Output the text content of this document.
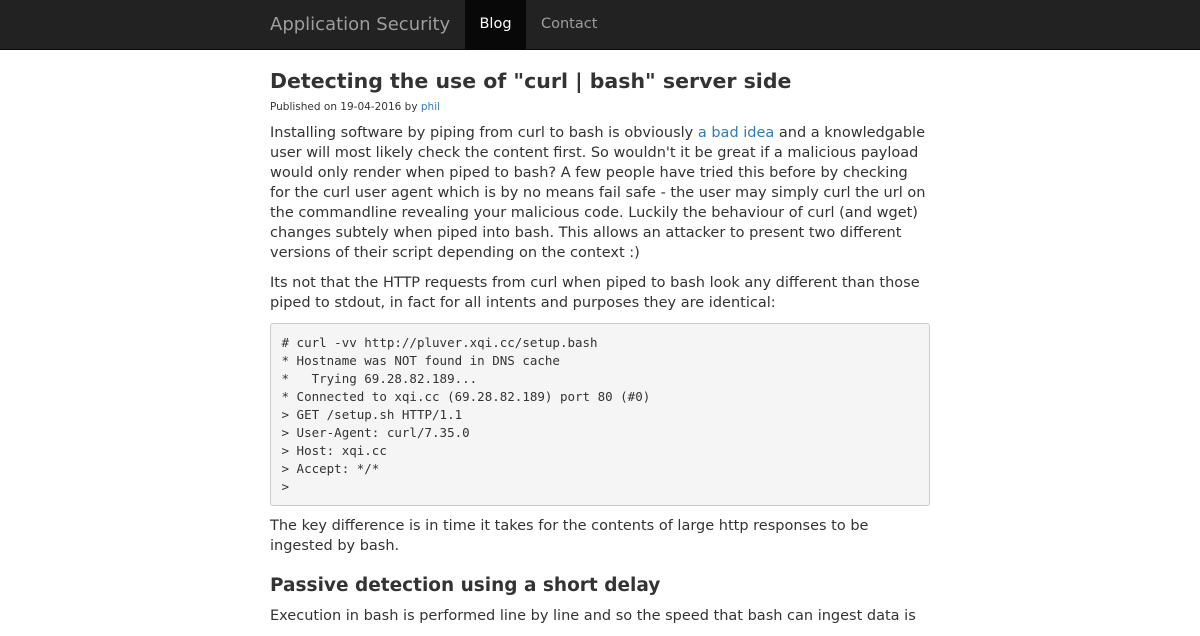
Application Security	Blog	Contact
Detecting the use of "curl | bash" server side
Published on 19-04-2016 by phil

Installing software by piping from curl to bash is obviously a bad idea and a knowledgable user will most likely check the content first. So wouldn't it be great if a malicious payload would only render when piped to bash? A few people have tried this before by checking for the curl user agent which is by no means fail safe - the user may simply curl the url on the commandline revealing your malicious code. Luckily the behaviour of curl (and wget) changes subtely when piped into bash. This allows an attacker to present two different versions of their script depending on the context :)

Its not that the HTTP requests from curl when piped to bash look any different than those piped to stdout, in fact for all intents and purposes they are identical:

# curl -vv http://pluver.xqi.cc/setup.bash
* Hostname was NOT found in DNS cache
*   Trying 69.28.82.189...
* Connected to xqi.cc (69.28.82.189) port 80 (#0)
> GET /setup.sh HTTP/1.1
> User-Agent: curl/7.35.0
> Host: xqi.cc
> Accept: */*
>

The key difference is in time it takes for the contents of large http responses to be ingested by bash.

Passive detection using a short delay

Execution in bash is performed line by line and so the speed that bash can ingest data is
